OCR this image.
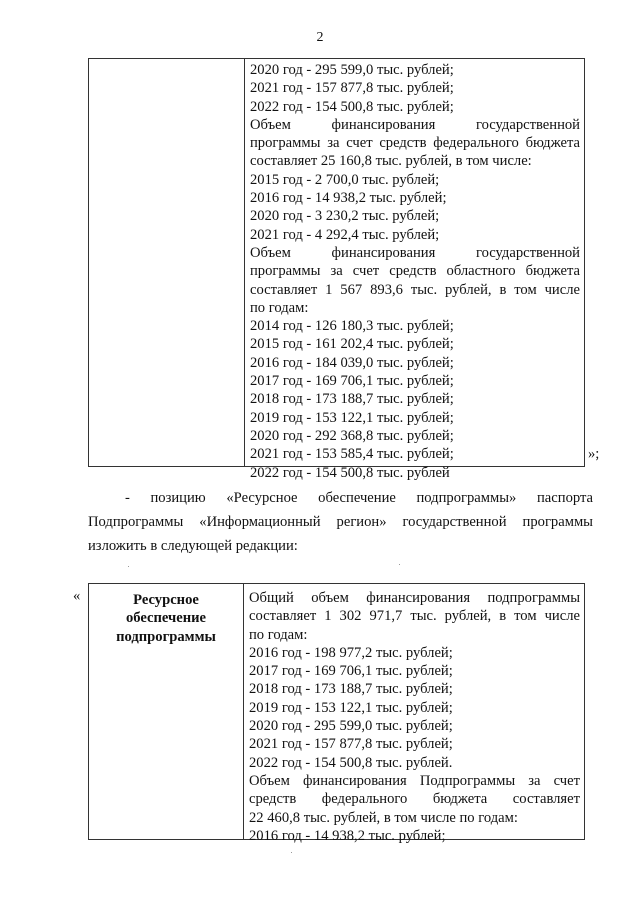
2
2020 год - 295 599,0 тыс. рублей;
2021 год - 157 877,8 тыс. рублей;
2022 год - 154 500,8 тыс. рублей;
Объем финансирования государственной
программы за счет средств федерального бюджета
составляет 25 160,8 тыс. рублей, в том числе:
2015 год - 2 700,0 тыс. рублей;
2016 год - 14 938,2 тыс. рублей;
2020 год - 3 230,2 тыс. рублей;
2021 год - 4 292,4 тыс. рублей;
Объем финансирования государственной
программы за счет средств областного бюджета
составляет 1 567 893,6 тыс. рублей, в том числе
по годам:
2014 год - 126 180,3 тыс. рублей;
2015 год - 161 202,4 тыс. рублей;
2016 год - 184 039,0 тыс. рублей;
2017 год - 169 706,1 тыс. рублей;
2018 год - 173 188,7 тыс. рублей;
2019 год - 153 122,1 тыс. рублей;
2020 год - 292 368,8 тыс. рублей;
2021 год - 153 585,4 тыс. рублей;
2022 год - 154 500,8 тыс. рублей
»;
- позицию «Ресурсное обеспечение подпрограммы» паспорта
Подпрограммы «Информационный регион» государственной программы
изложить в следующей редакции:
«	Ресурсное
обеспечение
подпрограммы
Общий объем финансирования подпрограммы
составляет 1 302 971,7 тыс. рублей, в том числе
по годам:
2016 год - 198 977,2 тыс. рублей;
2017 год - 169 706,1 тыс. рублей;
2018 год - 173 188,7 тыс. рублей;
2019 год - 153 122,1 тыс. рублей;
2020 год - 295 599,0 тыс. рублей;
2021 год - 157 877,8 тыс. рублей;
2022 год - 154 500,8 тыс. рублей.
Объем финансирования Подпрограммы за счет
средств федерального бюджета составляет
22 460,8 тыс. рублей, в том числе по годам:
2016 год - 14 938,2 тыс. рублей;
